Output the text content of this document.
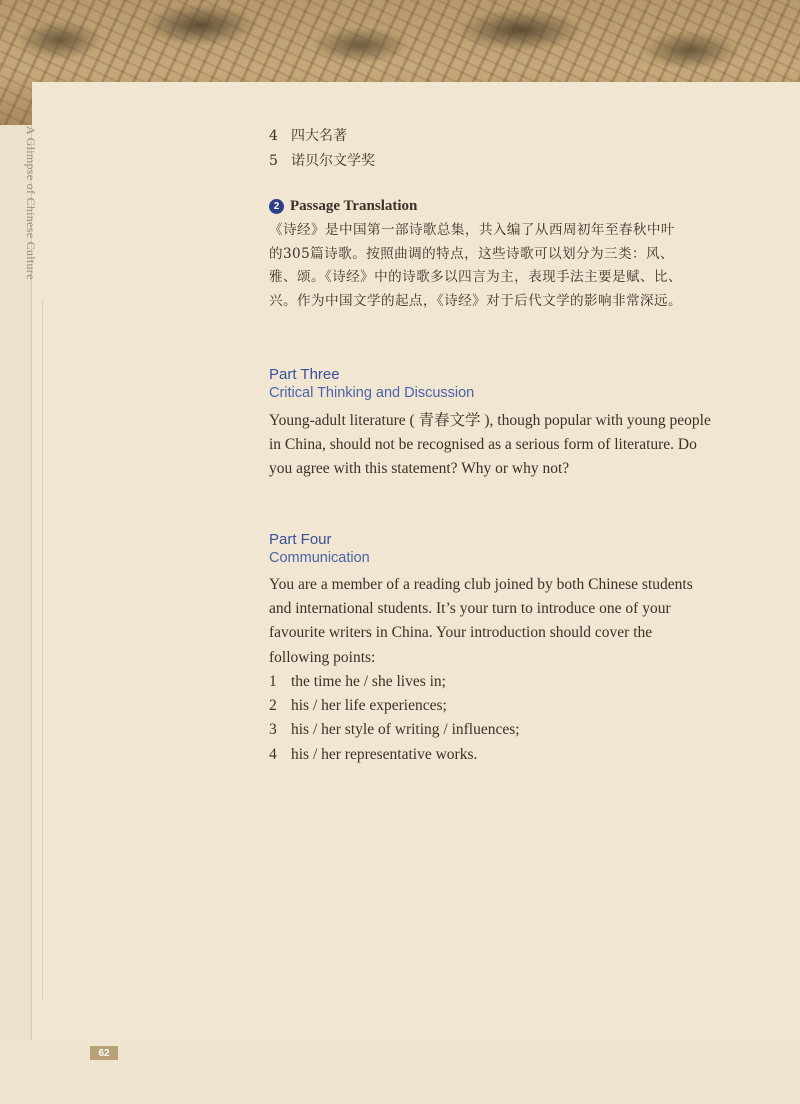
A Glimpse of Chinese Culture	4 四大名著
5 诺贝尔文学奖
2 Passage Translation

《诗经》是中国第一部诗歌总集，共入编了从西周初年至春秋中叶

的305篇诗歌。按照曲调的特点，这些诗歌可以划分为三类：风、

雅、颂。《诗经》中的诗歌多以四言为主，表现手法主要是赋、比、

兴。作为中国文学的起点，《诗经》对于后代文学的影响非常深远。

Part Three
Critical Thinking and Discussion

Young-adult literature ( 青春文学 ), though popular with young people

in China, should not be recognised as a serious form of literature. Do

you agree with this statement? Why or why not?

Part Four
Communication

You are a member of a reading club joined by both Chinese students

and international students. It’s your turn to introduce one of your

favourite writers in China. Your introduction should cover the

following points:

1 the time he / she lives in;
2 his / her life experiences;
3 his / her style of writing / influences;
4 his / her representative works.
62
